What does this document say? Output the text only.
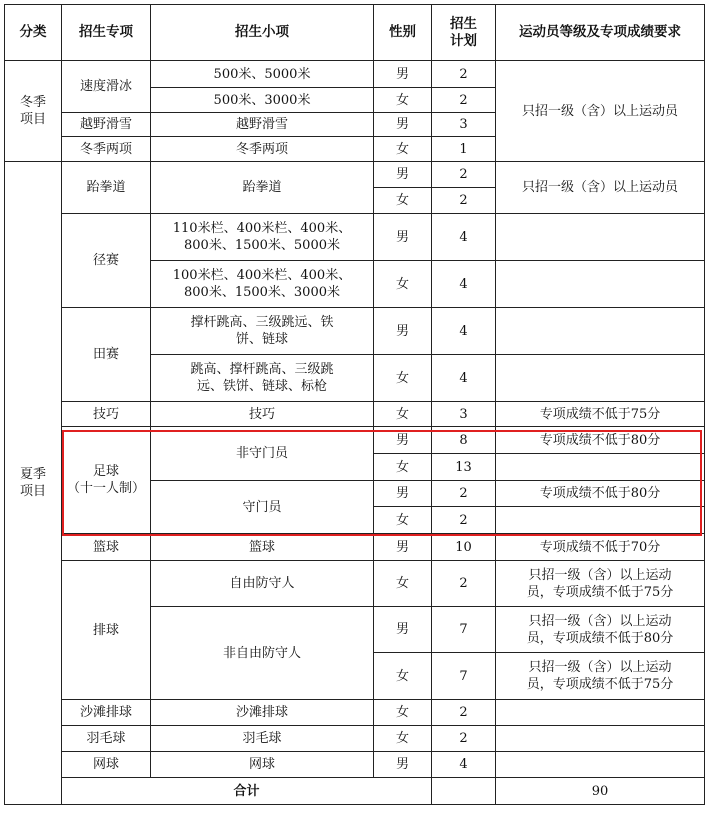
分类	招生专项	招生小项	性别	招生计划	运动员等级及专项成绩要求	
冬季项目	速度滑冰	500米、5000米	男	2	只招一级（含）以上运动员	
		500米、3000米	女	2		
	越野滑雪	越野滑雪	男	3		
	冬季两项	冬季两项	女	1		
夏季项目	跆拳道	跆拳道	男	2	只招一级（含）以上运动员	
			女	2		
	径赛	110米栏、400米栏、400米、
800米、1500米、5000米	男	4		
		100米栏、400米栏、400米、
800米、1500米、3000米	女	4		
	田赛	撑杆跳高、三级跳远、铁
饼、链球	男	4		
		跳高、撑杆跳高、三级跳
远、铁饼、链球、标枪	女	4		
	技巧	技巧	女	3	专项成绩不低于75分	
	足球
（十一人制）	非守门员	男	8	专项成绩不低于80分	
			女	13		
		守门员	男	2	专项成绩不低于80分	
			女	2		
	篮球	篮球	男	10	专项成绩不低于70分	
	排球	自由防守人	女	2	只招一级（含）以上运动
员，专项成绩不低于75分	
		非自由防守人	男	7	只招一级（含）以上运动
员，专项成绩不低于80分	
			女	7	只招一级（含）以上运动
员，专项成绩不低于75分	
	沙滩排球	沙滩排球	女	2		
	羽毛球	羽毛球	女	2		
	网球	网球	男	4		
	合计				90	
